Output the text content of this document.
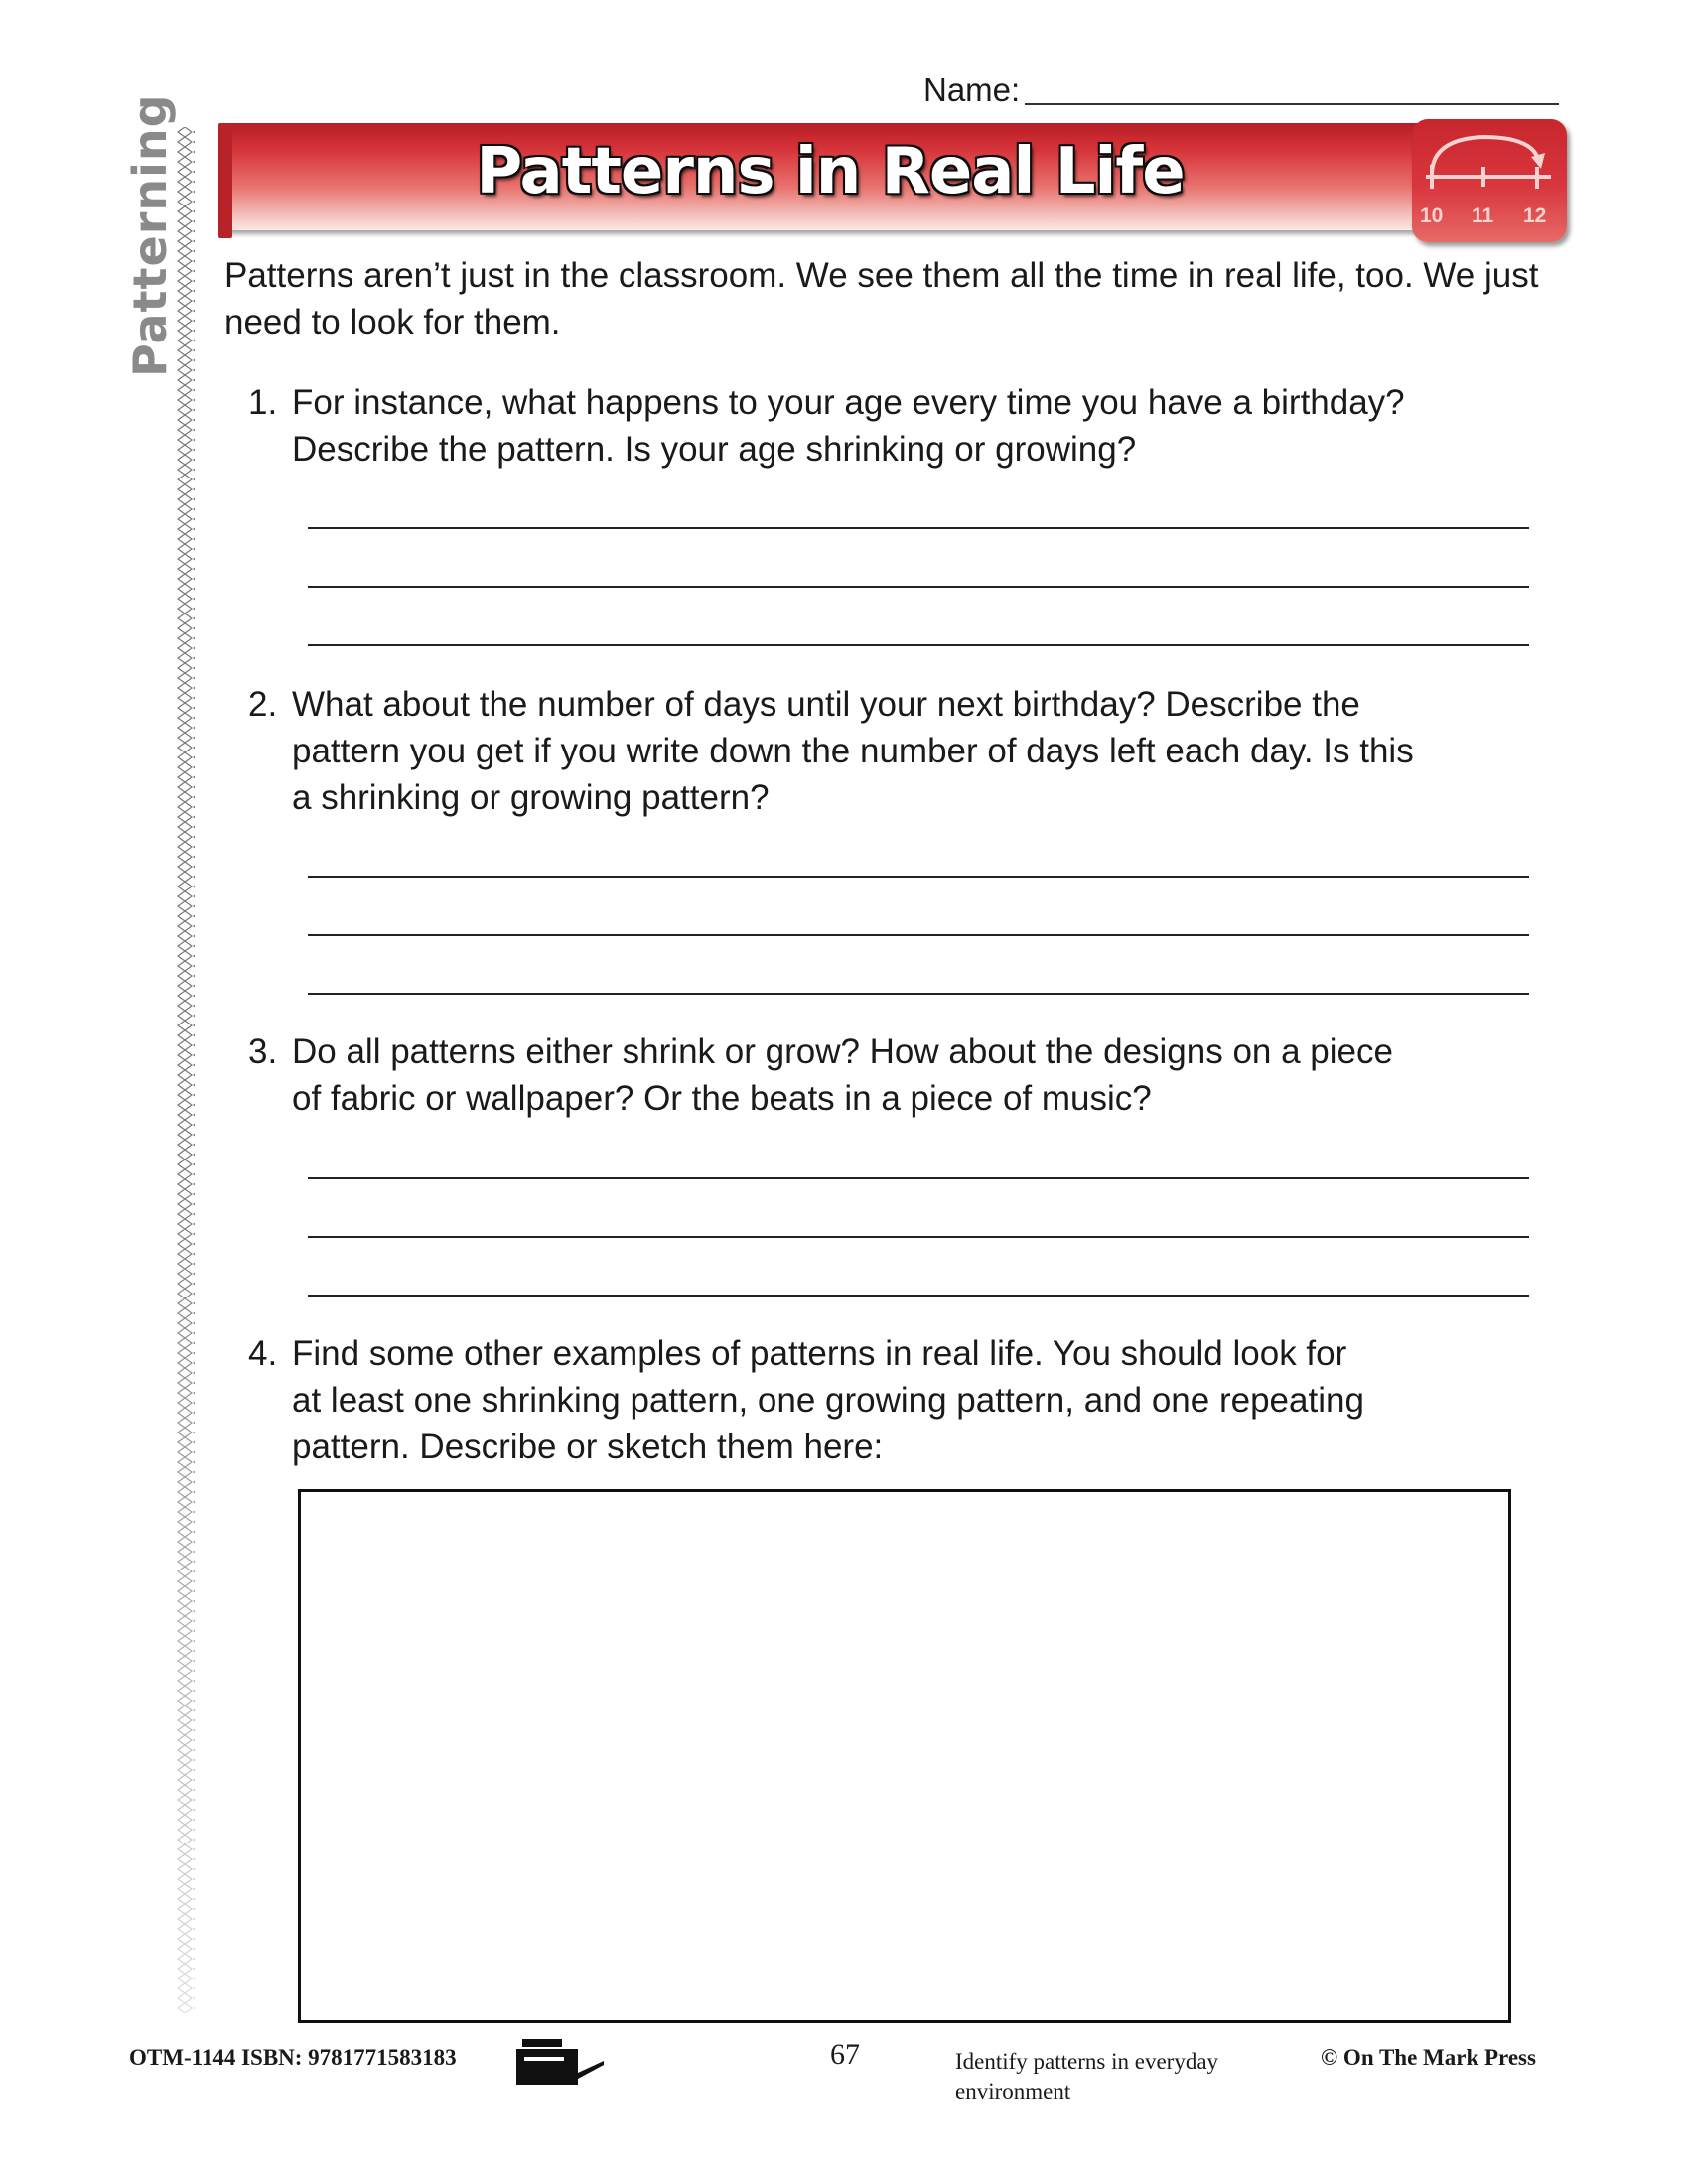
Name:
Patterning	Patterns in Real Life
10 11 12
Patterns aren’t just in the classroom. We see them all the time in real life, too. We just need to look for them.
1. For instance, what happens to your age every time you have a birthday?
Describe the pattern. Is your age shrinking or growing?
2. What about the number of days until your next birthday? Describe the
pattern you get if you write down the number of days left each day. Is this
a shrinking or growing pattern?
3. Do all patterns either shrink or grow? How about the designs on a piece
of fabric or wallpaper? Or the beats in a piece of music?
4. Find some other examples of patterns in real life. You should look for
at least one shrinking pattern, one growing pattern, and one repeating
pattern. Describe or sketch them here:
OTM-1144 ISBN: 9781771583183	67	Identify patterns in everyday
environment
© On The Mark Press
